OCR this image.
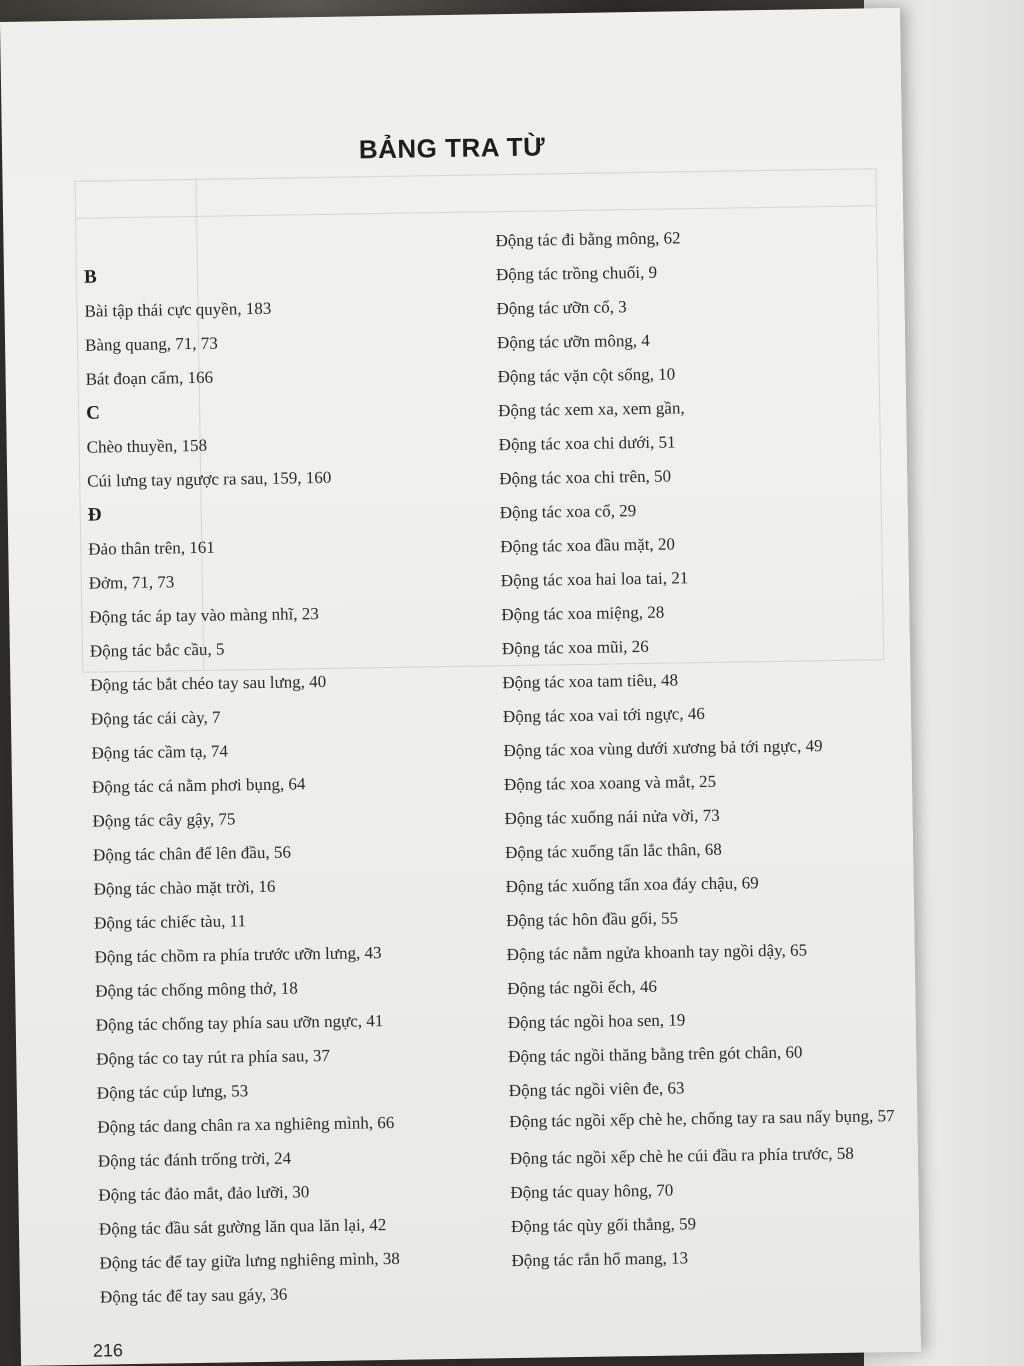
BẢNG TRA TỪ
B
Bài tập thái cực quyền, 183
Bàng quang, 71, 73
Bát đoạn cẩm, 166
C
Chèo thuyền, 158
Cúi lưng tay ngược ra sau, 159, 160
Đ
Đảo thân trên, 161
Đởm, 71, 73
Động tác áp tay vào màng nhĩ, 23
Động tác bắc cầu, 5
Động tác bắt chéo tay sau lưng, 40
Động tác cái cày, 7
Động tác cầm tạ, 74
Động tác cá nằm phơi bụng, 64
Động tác cây gậy, 75
Động tác chân để lên đầu, 56
Động tác chào mặt trời, 16
Động tác chiếc tàu, 11
Động tác chồm ra phía trước ưỡn lưng, 43
Động tác chống mông thở, 18
Động tác chống tay phía sau ưỡn ngực, 41
Động tác co tay rút ra phía sau, 37
Động tác cúp lưng, 53
Động tác dang chân ra xa nghiêng mình, 66
Động tác đánh trống trời, 24
Động tác đảo mắt, đảo lưỡi, 30
Động tác đầu sát gường lăn qua lăn lại, 42
Động tác để tay giữa lưng nghiêng mình, 38
Động tác để tay sau gáy, 36
Động tác đi bằng mông, 62
Động tác trồng chuối, 9
Động tác ưỡn cổ, 3
Động tác ưỡn mông, 4
Động tác vặn cột sống, 10
Động tác xem xa, xem gần,
Động tác xoa chi dưới, 51
Động tác xoa chi trên, 50
Động tác xoa cổ, 29
Động tác xoa đầu mặt, 20
Động tác xoa hai loa tai, 21
Động tác xoa miệng, 28
Động tác xoa mũi, 26
Động tác xoa tam tiêu, 48
Động tác xoa vai tới ngực, 46
Động tác xoa vùng dưới xương bả tới ngực, 49
Động tác xoa xoang và mắt, 25
Động tác xuống nái nửa vời, 73
Động tác xuống tấn lắc thân, 68
Động tác xuống tấn xoa đáy chậu, 69
Động tác hôn đầu gối, 55
Động tác nằm ngửa khoanh tay ngồi dậy, 65
Động tác ngồi ếch, 46
Động tác ngồi hoa sen, 19
Động tác ngồi thăng bằng trên gót chân, 60
Động tác ngồi viên đe, 63
Động tác ngồi xếp chè he, chống tay ra sau nẩy bụng, 57
Động tác ngồi xếp chè he cúi đầu ra phía trước, 58
Động tác quay hông, 70
Động tác qùy gối thẳng, 59
Động tác rắn hổ mang, 13
216
